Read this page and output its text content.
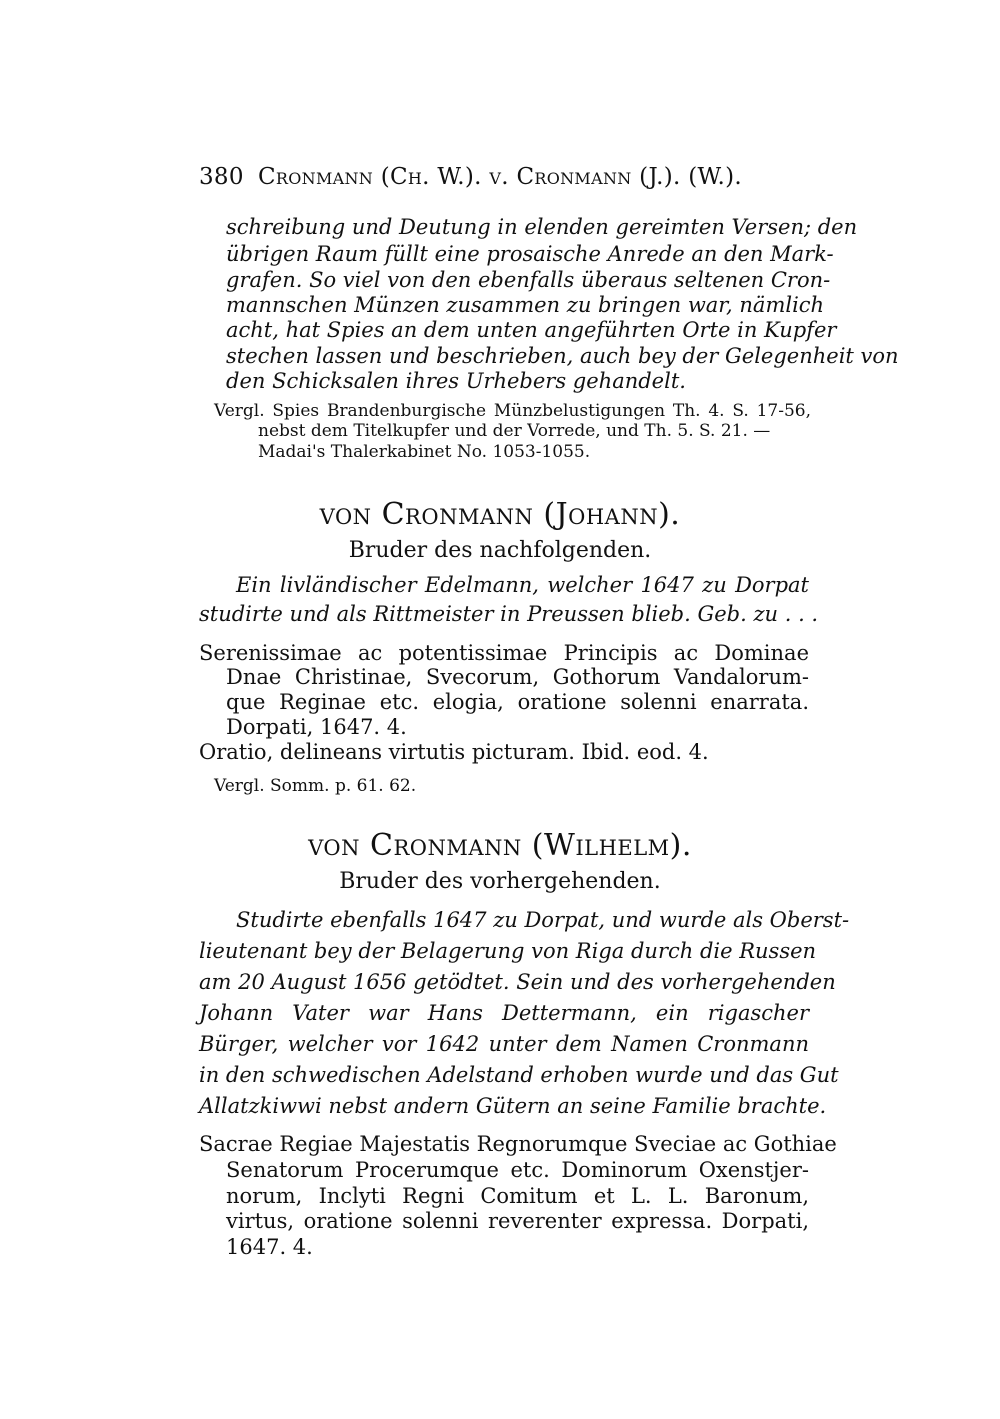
380 Cronmann (Ch. W.). v. Cronmann (J.). (W.).
schreibung und Deutung in elenden gereimten Versen; den
übrigen Raum füllt eine prosaische Anrede an den Mark-
grafen. So viel von den ebenfalls überaus seltenen Cron-
mannschen Münzen zusammen zu bringen war, nämlich
acht, hat Spies an dem unten angeführten Orte in Kupfer
stechen lassen und beschrieben, auch bey der Gelegenheit von
den Schicksalen ihres Urhebers gehandelt.
Vergl. Spies Brandenburgische Münzbelustigungen Th. 4. S. 17-56,
nebst dem Titelkupfer und der Vorrede, und Th. 5. S. 21. —
Madai's Thalerkabinet No. 1053-1055.
von Cronmann (Johann).
Bruder des nachfolgenden.
Ein livländischer Edelmann, welcher 1647 zu Dorpat
studirte und als Rittmeister in Preussen blieb. Geb. zu . . .
Serenissimae ac potentissimae Principis ac Dominae
Dnae Christinae, Svecorum, Gothorum Vandalorum-
que Reginae etc. elogia, oratione solenni enarrata.
Dorpati, 1647. 4.
Oratio, delineans virtutis picturam. Ibid. eod. 4.
Vergl. Somm. p. 61. 62.
von Cronmann (Wilhelm).
Bruder des vorhergehenden.
Studirte ebenfalls 1647 zu Dorpat, und wurde als Oberst-
lieutenant bey der Belagerung von Riga durch die Russen
am 20 August 1656 getödtet. Sein und des vorhergehenden
Johann Vater war Hans Dettermann, ein rigascher
Bürger, welcher vor 1642 unter dem Namen Cronmann
in den schwedischen Adelstand erhoben wurde und das Gut
Allatzkiwwi nebst andern Gütern an seine Familie brachte.
Sacrae Regiae Majestatis Regnorumque Sveciae ac Gothiae
Senatorum Procerumque etc. Dominorum Oxenstjer-
norum, Inclyti Regni Comitum et L. L. Baronum,
virtus, oratione solenni reverenter expressa. Dorpati,
1647. 4.
